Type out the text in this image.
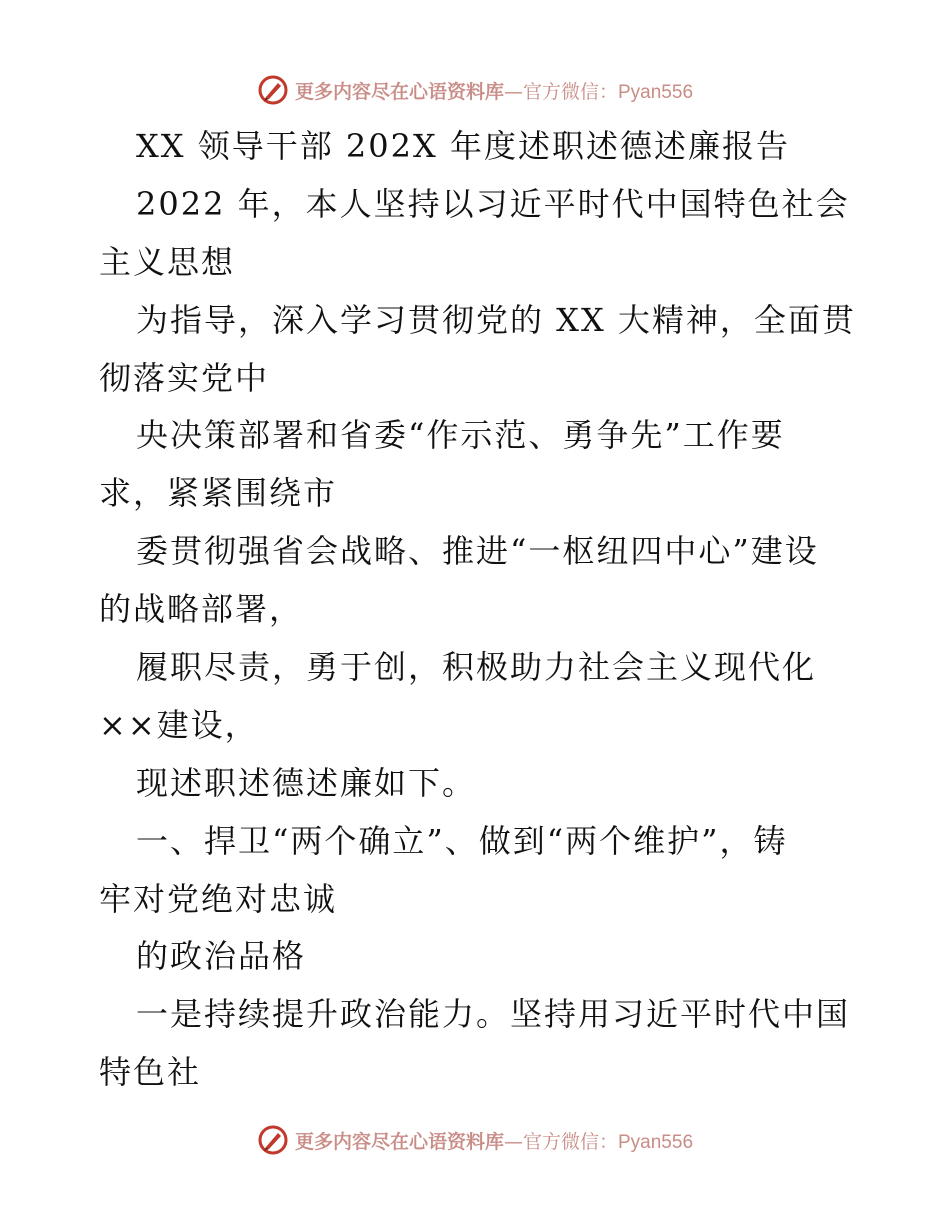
更多内容尽在心语资料库—官方微信：Pyan556
XX 领导干部 202X 年度述职述德述廉报告
2022 年，本人坚持以习近平时代中国特色社会
主义思想
为指导，深入学习贯彻党的 XX 大精神，全面贯
彻落实党中
央决策部署和省委“作示范、勇争先”工作要
求，紧紧围绕市
委贯彻强省会战略、推进“一枢纽四中心”建设
的战略部署，
履职尽责，勇于创，积极助力社会主义现代化
××建设，
现述职述德述廉如下。
一、捍卫“两个确立”、做到“两个维护”，铸
牢对党绝对忠诚
的政治品格
一是持续提升政治能力。坚持用习近平时代中国
特色社
更多内容尽在心语资料库—官方微信：Pyan556
